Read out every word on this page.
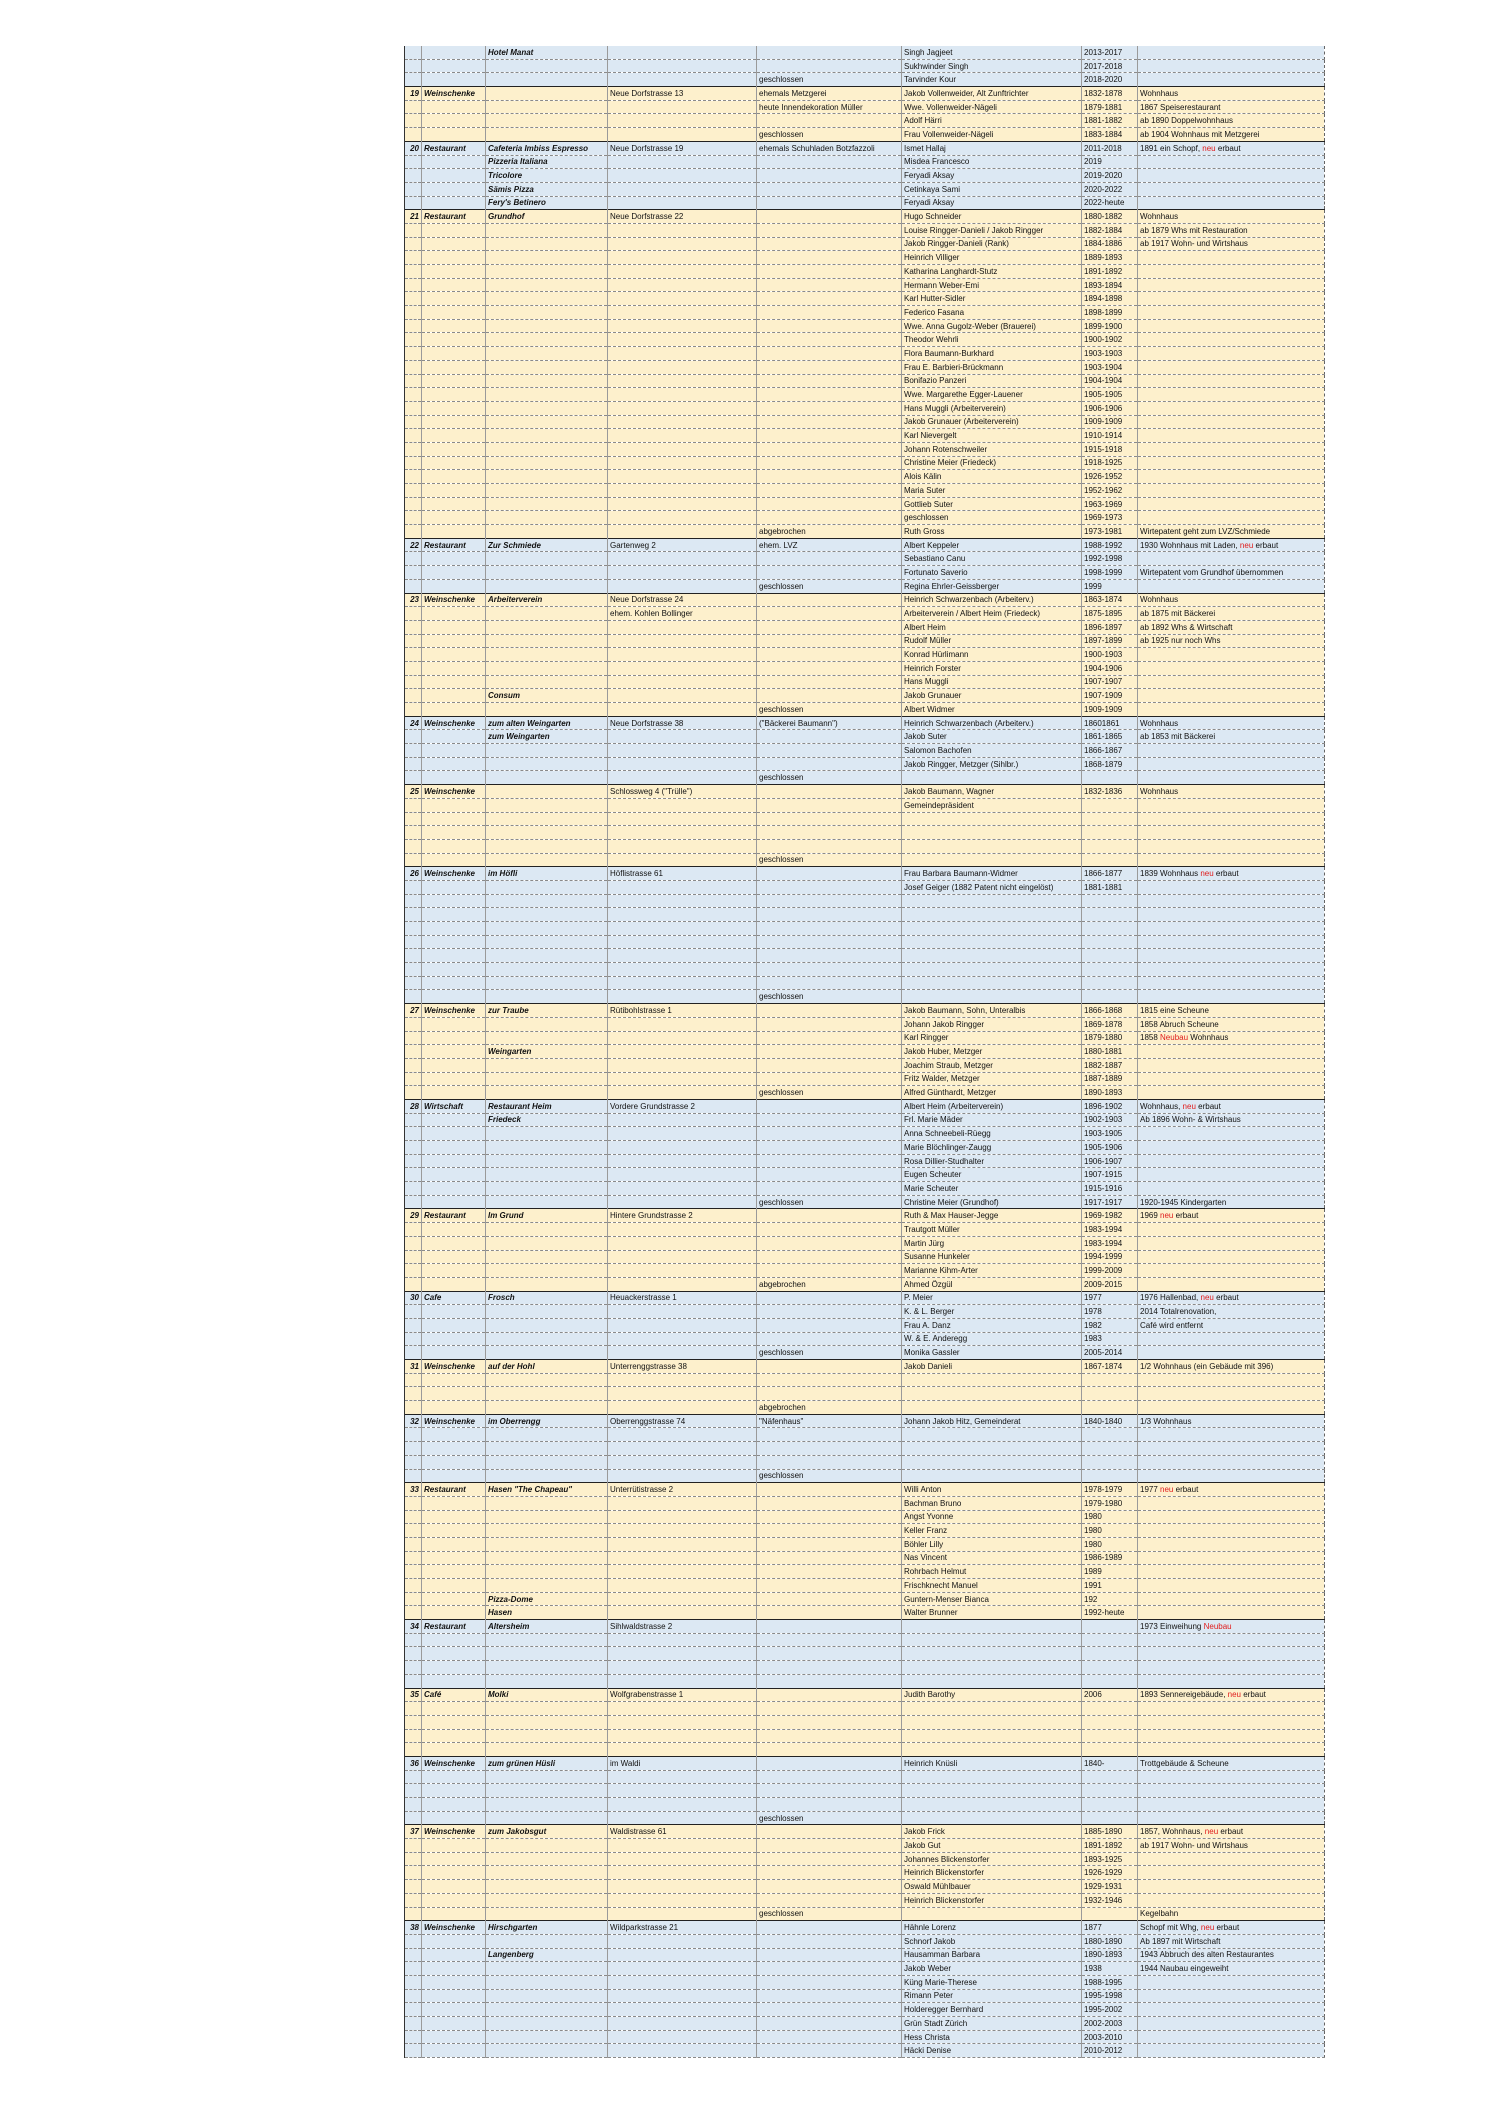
		Hotel Manat			Singh Jagjeet	2013-2017	
					Sukhwinder Singh	2017-2018	
				geschlossen	Tarvinder Kour	2018-2020	
19	Weinschenke		Neue Dorfstrasse 13	ehemals Metzgerei	Jakob Vollenweider, Alt Zunftrichter	1832-1878	Wohnhaus
				heute Innendekoration Müller	Wwe. Vollenweider-Nägeli	1879-1881	1867 Speiserestaurant
					Adolf Härri	1881-1882	ab 1890 Doppelwohnhaus
				geschlossen	Frau Vollenweider-Nägeli	1883-1884	ab 1904 Wohnhaus mit Metzgerei
20	Restaurant	Cafeteria Imbiss Espresso	Neue Dorfstrasse 19	ehemals Schuhladen Botzfazzoli	Ismet Hallaj	2011-2018	1891 ein Schopf, neu erbaut
		Pizzeria Italiana			Misdea Francesco	2019	
		Tricolore			Feryadi Aksay	2019-2020	
		Sämis Pizza			Cetinkaya Sami	2020-2022	
		Fery's Betinero			Feryadi Aksay	2022-heute	
21	Restaurant	Grundhof	Neue Dorfstrasse 22		Hugo Schneider	1880-1882	Wohnhaus
					Louise Ringger-Danieli / Jakob Ringger	1882-1884	ab 1879 Whs mit Restauration
					Jakob Ringger-Danieli (Rank)	1884-1886	ab 1917 Wohn- und Wirtshaus
					Heinrich Villiger	1889-1893	
					Katharina Langhardt-Stutz	1891-1892	
					Hermann Weber-Emi	1893-1894	
					Karl Hutter-Sidler	1894-1898	
					Federico Fasana	1898-1899	
					Wwe. Anna Gugolz-Weber (Brauerei)	1899-1900	
					Theodor Wehrli	1900-1902	
					Flora Baumann-Burkhard	1903-1903	
					Frau E. Barbieri-Brückmann	1903-1904	
					Bonifazio Panzeri	1904-1904	
					Wwe. Margarethe Egger-Lauener	1905-1905	
					Hans Muggli (Arbeiterverein)	1906-1906	
					Jakob Grunauer (Arbeiterverein)	1909-1909	
					Karl Nievergelt	1910-1914	
					Johann Rotenschweiler	1915-1918	
					Christine Meier (Friedeck)	1918-1925	
					Alois Kälin	1926-1952	
					Maria Suter	1952-1962	
					Gottlieb Suter	1963-1969	
					geschlossen	1969-1973	
				abgebrochen	Ruth Gross	1973-1981	Wirtepatent geht zum LVZ/Schmiede
22	Restaurant	Zur Schmiede	Gartenweg 2	ehem. LVZ	Albert Keppeler	1988-1992	1930 Wohnhaus mit Laden, neu erbaut
					Sebastiano Canu	1992-1998	
					Fortunato Saverio	1998-1999	Wirtepatent vom Grundhof übernommen
				geschlossen	Regina Ehrler-Geissberger	1999	
23	Weinschenke	Arbeiterverein	Neue Dorfstrasse 24		Heinrich Schwarzenbach (Arbeiterv.)	1863-1874	Wohnhaus
			ehem. Kohlen Bollinger		Arbeiterverein / Albert Heim (Friedeck)	1875-1895	ab 1875 mit Bäckerei
					Albert Heim	1896-1897	ab 1892 Whs & Wirtschaft
					Rudolf Müller	1897-1899	ab 1925 nur noch Whs
					Konrad Hürlimann	1900-1903	
					Heinrich Forster	1904-1906	
					Hans Muggli	1907-1907	
		Consum			Jakob Grunauer	1907-1909	
				geschlossen	Albert Widmer	1909-1909	
24	Weinschenke	zum alten Weingarten	Neue Dorfstrasse 38	("Bäckerei Baumann")	Heinrich Schwarzenbach (Arbeiterv.)	18601861	Wohnhaus
		zum Weingarten			Jakob Suter	1861-1865	ab 1853 mit Bäckerei
					Salomon Bachofen	1866-1867	
					Jakob Ringger, Metzger (Sihlbr.)	1868-1879	
				geschlossen			
25	Weinschenke		Schlossweg 4 ("Trülle")		Jakob Baumann, Wagner	1832-1836	Wohnhaus
					Gemeindepräsident		

				geschlossen			
26	Weinschenke	im Höfli	Höflistrasse 61		Frau Barbara Baumann-Widmer	1866-1877	1839 Wohnhaus neu erbaut
					Josef Geiger (1882 Patent nicht eingelöst)	1881-1881	

				geschlossen			
27	Weinschenke	zur Traube	Rütibohlstrasse 1		Jakob Baumann, Sohn, Unteralbis	1866-1868	1815 eine Scheune
					Johann Jakob Ringger	1869-1878	1858 Abruch Scheune
					Karl Ringger	1879-1880	1858 Neubau Wohnhaus
		Weingarten			Jakob Huber, Metzger	1880-1881	
					Joachim Straub, Metzger	1882-1887	
					Fritz Walder, Metzger	1887-1889	
				geschlossen	Alfred Günthardt, Metzger	1890-1893	
28	Wirtschaft	Restaurant Heim	Vordere Grundstrasse 2		Albert Heim (Arbeiterverein)	1896-1902	Wohnhaus, neu erbaut
		Friedeck			Frl. Marie Mäder	1902-1903	Ab 1896 Wohn- & Wirtshaus
					Anna Schneebeli-Rüegg	1903-1905	
					Marie Blöchlinger-Zaugg	1905-1906	
					Rosa Dillier-Studhalter	1906-1907	
					Eugen Scheuter	1907-1915	
					Marie Scheuter	1915-1916	
				geschlossen	Christine Meier (Grundhof)	1917-1917	1920-1945 Kindergarten
29	Restaurant	Im Grund	Hintere Grundstrasse 2		Ruth & Max Hauser-Jegge	1969-1982	1969 neu erbaut
					Trautgott Müller	1983-1994	
					Martin Jürg	1983-1994	
					Susanne Hunkeler	1994-1999	
					Marianne Kihm-Arter	1999-2009	
				abgebrochen	Ahmed Özgül	2009-2015	
30	Cafe	Frosch	Heuackerstrasse 1		P. Meier	1977	1976 Hallenbad, neu erbaut
					K. & L. Berger	1978	2014 Totalrenovation,
					Frau A. Danz	1982	Café wird entfernt
					W. & E. Anderegg	1983	
				geschlossen	Monika Gassler	2005-2014	
31	Weinschenke	auf der Hohl	Unterrenggstrasse 38		Jakob Danieli	1867-1874	1/2 Wohnhaus (ein Gebäude mit 396)

				abgebrochen			
32	Weinschenke	im Oberrengg	Oberrenggstrasse 74	"Näfenhaus"	Johann Jakob Hitz, Gemeinderat	1840-1840	1/3 Wohnhaus

				geschlossen			
33	Restaurant	Hasen "The Chapeau"	Unterrütistrasse 2		Willi Anton	1978-1979	1977 neu erbaut
					Bachman Bruno	1979-1980	
					Angst Yvonne	1980	
					Keller Franz	1980	
					Böhler Lilly	1980	
					Nas Vincent	1986-1989	
					Rohrbach Helmut	1989	
					Frischknecht Manuel	1991	
		Pizza-Dome			Guntern-Menser Bianca	192	
		Hasen			Walter Brunner	1992-heute	
34	Restaurant	Altersheim	Sihlwaldstrasse 2				1973 Einweihung Neubau

35	Café	Molki	Wolfgrabenstrasse 1		Judith Barothy	2006	1893 Sennereigebäude, neu erbaut

36	Weinschenke	zum grünen Hüsli	im Waldi		Heinrich Knüsli	1840-	Trottgebäude & Scheune

				geschlossen			
37	Weinschenke	zum Jakobsgut	Waldistrasse 61		Jakob Frick	1885-1890	1857, Wohnhaus, neu erbaut
					Jakob Gut	1891-1892	ab 1917 Wohn- und Wirtshaus
					Johannes Blickenstorfer	1893-1925	
					Heinrich Blickenstorfer	1926-1929	
					Oswald Mühlbauer	1929-1931	
					Heinrich Blickenstorfer	1932-1946	
				geschlossen			Kegelbahn
38	Weinschenke	Hirschgarten	Wildparkstrasse 21		Hähnle Lorenz	1877	Schopf mit Whg, neu erbaut
					Schnorf Jakob	1880-1890	Ab 1897 mit Wirtschaft
		Langenberg			Hausamman Barbara	1890-1893	1943 Abbruch des alten Restaurantes
					Jakob Weber	1938	1944 Naubau eingeweiht
					Küng Marie-Therese	1988-1995	
					Rimann Peter	1995-1998	
					Holderegger Bernhard	1995-2002	
					Grün Stadt Zürich	2002-2003	
					Hess Christa	2003-2010	
					Häcki Denise	2010-2012	
